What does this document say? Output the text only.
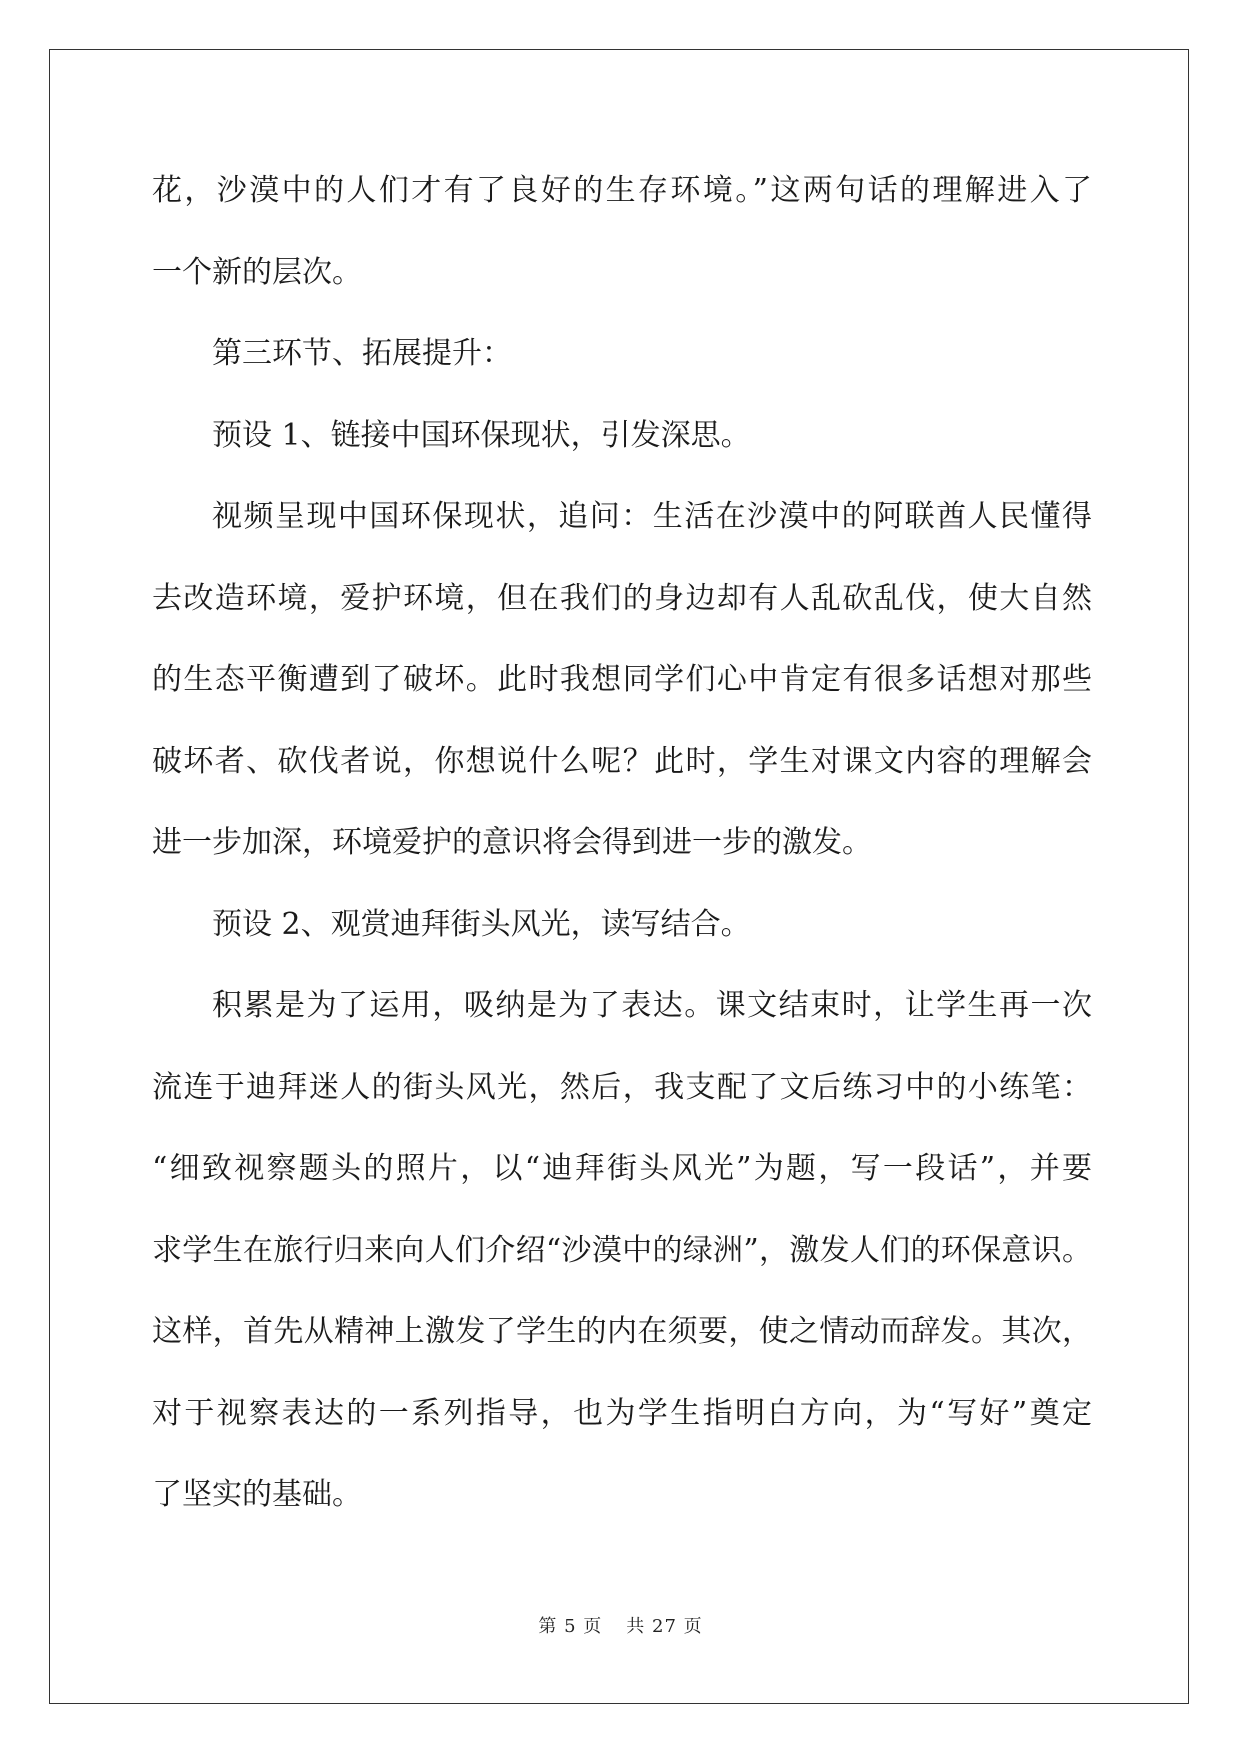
花，沙漠中的人们才有了良好的生存环境。”这两句话的理解进入了

一个新的层次。

第三环节、拓展提升：

预设 1、链接中国环保现状，引发深思。

视频呈现中国环保现状，追问：生活在沙漠中的阿联酋人民懂得

去改造环境，爱护环境，但在我们的身边却有人乱砍乱伐，使大自然

的生态平衡遭到了破坏。此时我想同学们心中肯定有很多话想对那些

破坏者、砍伐者说，你想说什么呢？此时，学生对课文内容的理解会

进一步加深，环境爱护的意识将会得到进一步的激发。

预设 2、观赏迪拜街头风光，读写结合。

积累是为了运用，吸纳是为了表达。课文结束时，让学生再一次

流连于迪拜迷人的街头风光，然后，我支配了文后练习中的小练笔：

“细致视察题头的照片，以“迪拜街头风光”为题，写一段话”，并要

求学生在旅行归来向人们介绍“沙漠中的绿洲”，激发人们的环保意识。

这样，首先从精神上激发了学生的内在须要，使之情动而辞发。其次，

对于视察表达的一系列指导，也为学生指明白方向，为“写好”奠定

了坚实的基础。

第 5 页 共 27 页
